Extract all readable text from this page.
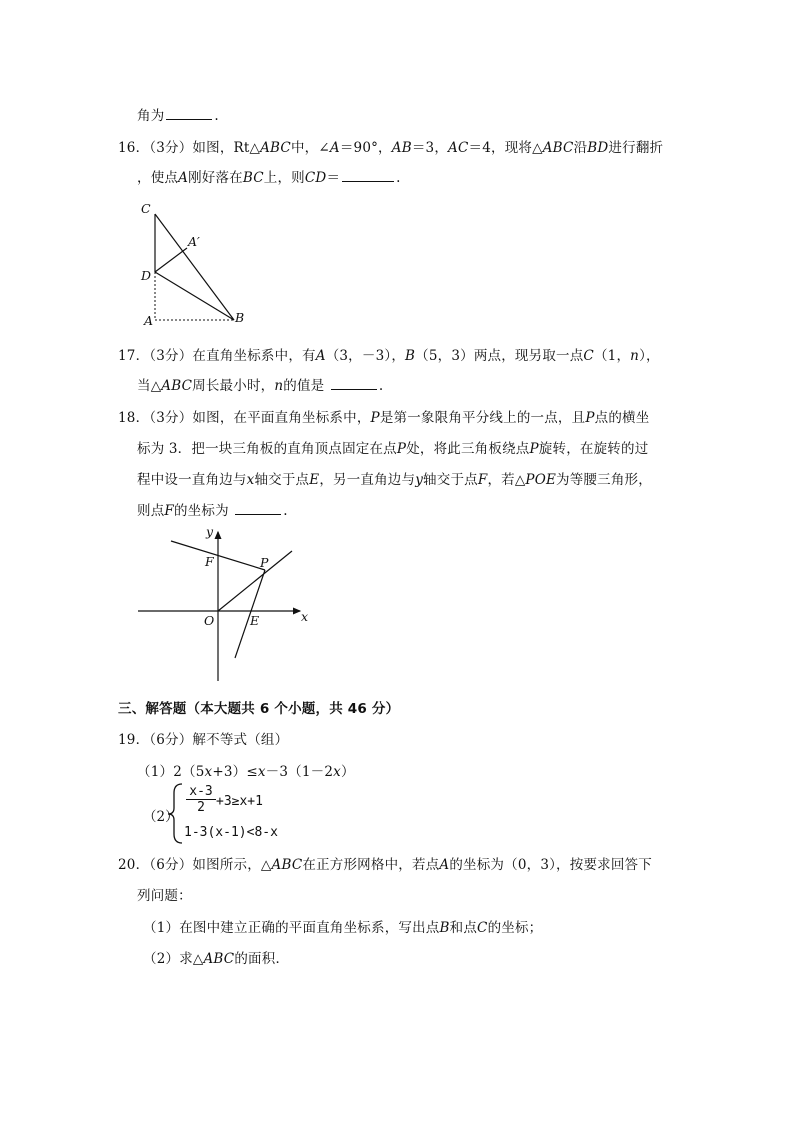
角为	.
16．（3分）如图，Rt△ABC中，∠A＝90°，AB＝3，AC＝4，现将△ABC沿BD进行翻折
，使点A刚好落在BC上，则CD＝	.
C
A′
D
A	B
17．（3分）在直角坐标系中，有A（3，－3），B（5，3）两点，现另取一点C（1，n），
当△ABC周长最小时，n的值是	.
18．（3分）如图，在平面直角坐标系中，P是第一象限角平分线上的一点，且P点的横坐
标为 3．把一块三角板的直角顶点固定在点P处，将此三角板绕点P旋转，在旋转的过
程中设一直角边与x轴交于点E，另一直角边与y轴交于点F，若△POE为等腰三角形，
则点F的坐标为	.
y
F	P
O	E	x
三、解答题（本大题共 6 个小题，共 46 分）
19．（6分）解不等式（组）
（1）2（5x+3）≤x－3（1－2x）
（2）
x-3
2 +3≥x+1
1-3(x-1)<8-x
20．（6分）如图所示，△ABC在正方形网格中，若点A的坐标为（0，3），按要求回答下
列问题：
（1）在图中建立正确的平面直角坐标系，写出点B和点C的坐标；
（2）求△ABC的面积．
